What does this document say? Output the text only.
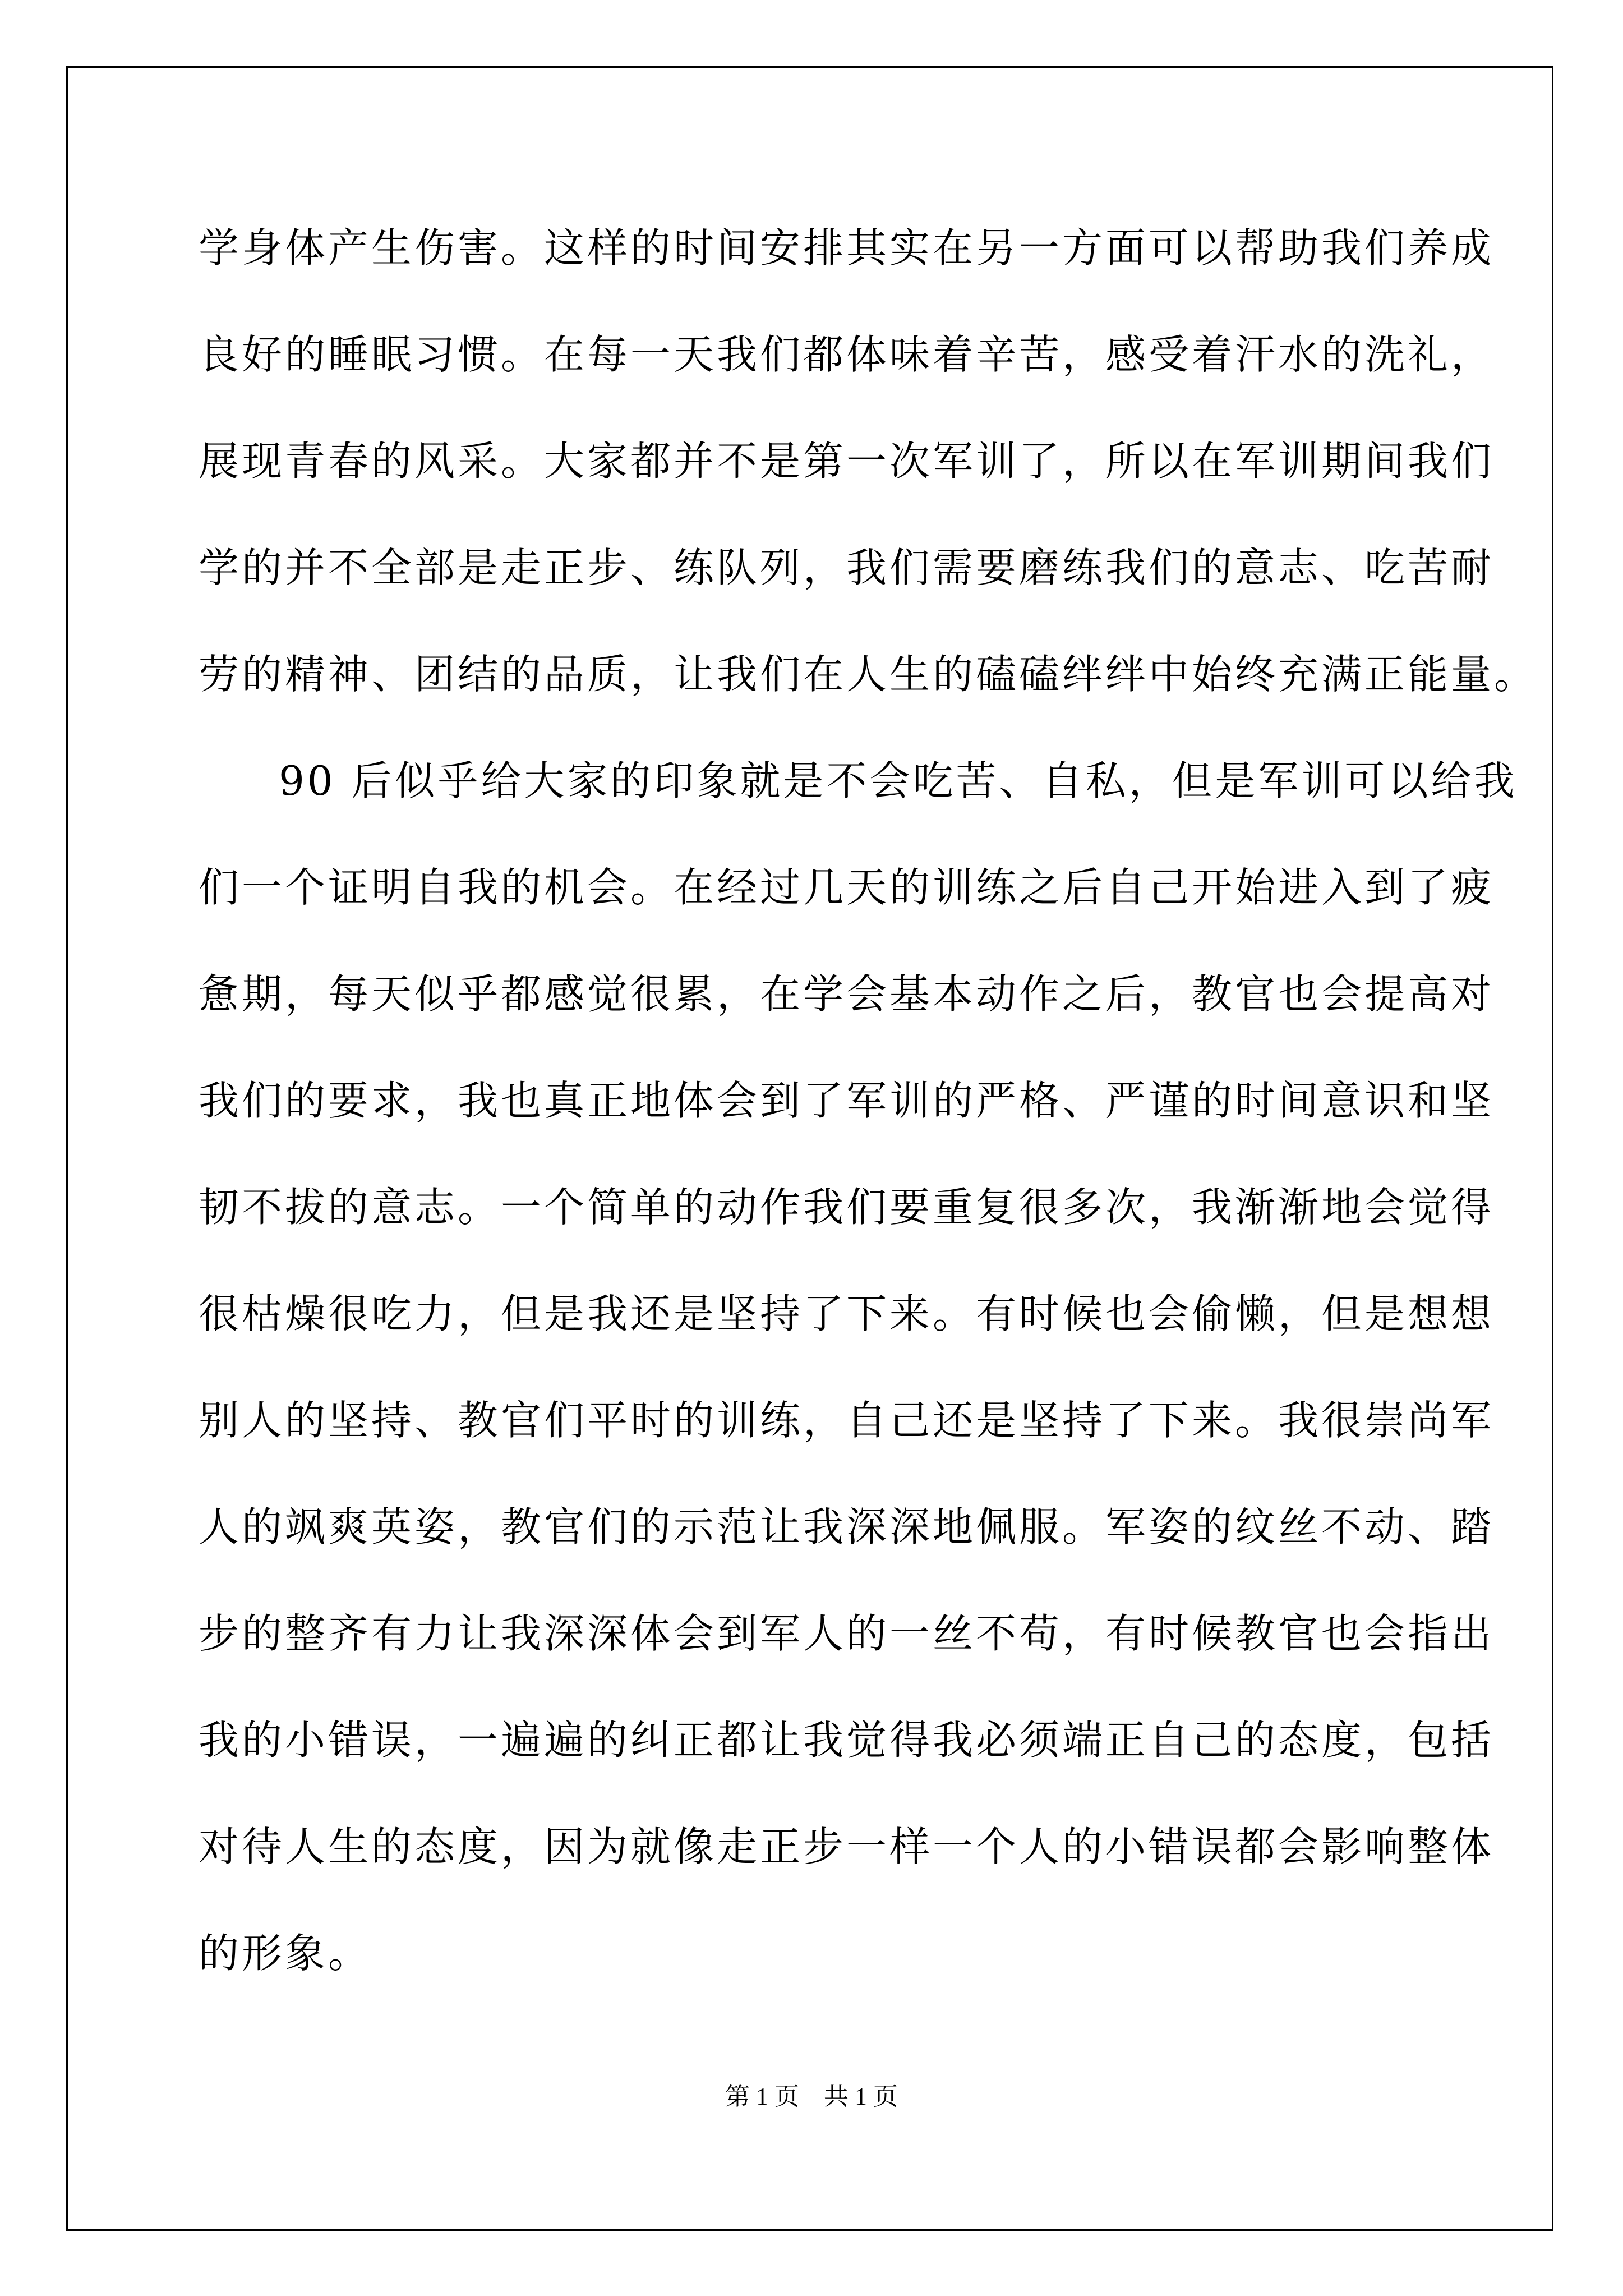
学身体产生伤害。这样的时间安排其实在另一方面可以帮助我们养成

良好的睡眠习惯。在每一天我们都体味着辛苦，感受着汗水的洗礼，

展现青春的风采。大家都并不是第一次军训了，所以在军训期间我们

学的并不全部是走正步、练队列，我们需要磨练我们的意志、吃苦耐

劳的精神、团结的品质，让我们在人生的磕磕绊绊中始终充满正能量。

90 后似乎给大家的印象就是不会吃苦、自私，但是军训可以给我

们一个证明自我的机会。在经过几天的训练之后自己开始进入到了疲

惫期，每天似乎都感觉很累，在学会基本动作之后，教官也会提高对

我们的要求，我也真正地体会到了军训的严格、严谨的时间意识和坚

韧不拔的意志。一个简单的动作我们要重复很多次，我渐渐地会觉得

很枯燥很吃力，但是我还是坚持了下来。有时候也会偷懒，但是想想

别人的坚持、教官们平时的训练，自己还是坚持了下来。我很崇尚军

人的飒爽英姿，教官们的示范让我深深地佩服。军姿的纹丝不动、踏

步的整齐有力让我深深体会到军人的一丝不苟，有时候教官也会指出

我的小错误，一遍遍的纠正都让我觉得我必须端正自己的态度，包括

对待人生的态度，因为就像走正步一样一个人的小错误都会影响整体

的形象。

第 1 页 共 1 页
